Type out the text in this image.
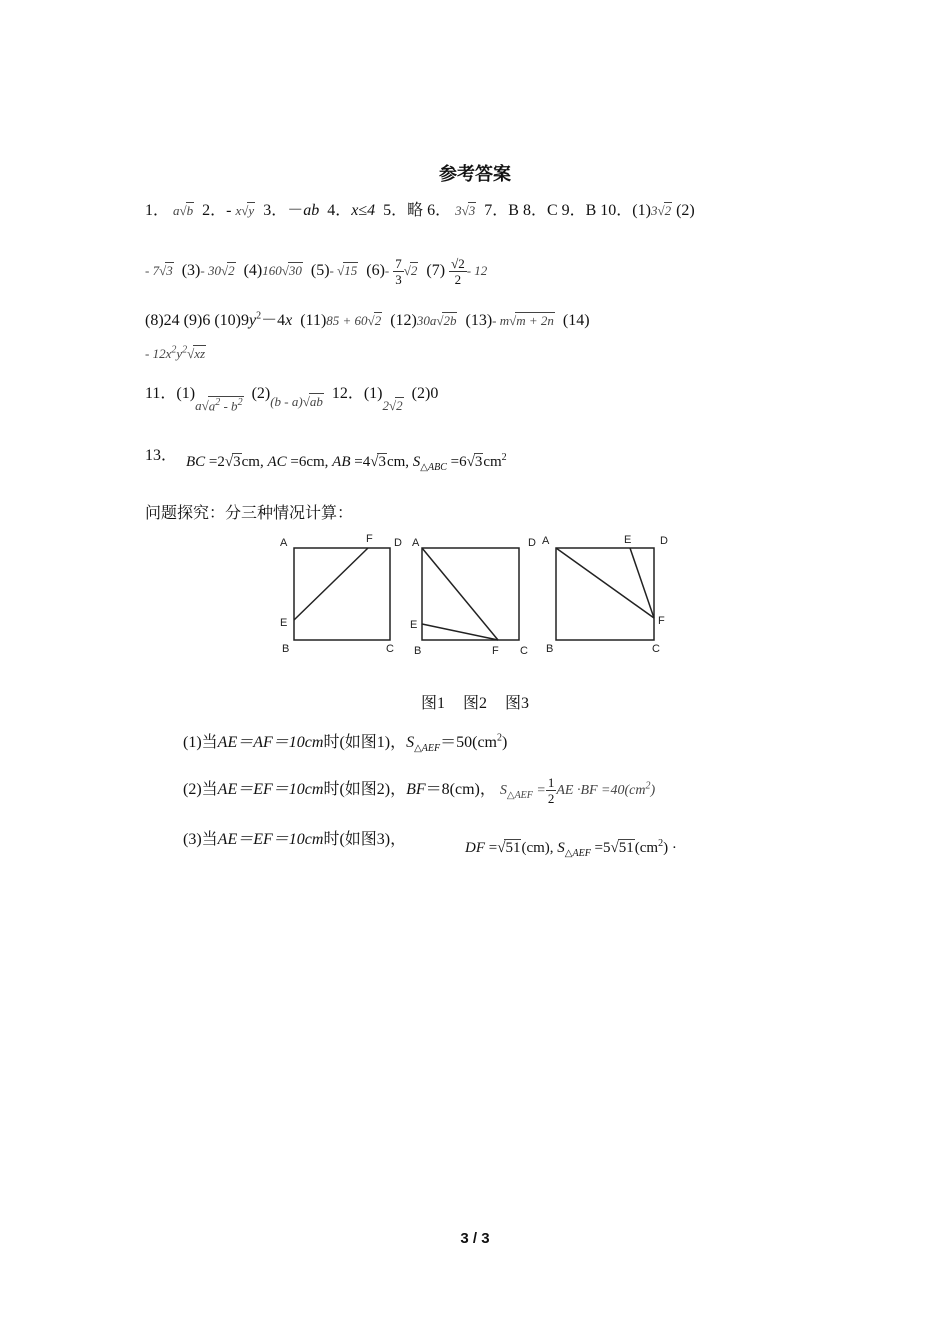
参考答案
1． a√b 2．- x√y 3．－ab 4．x≤4 5．略 6． 3√3 7．B 8．C 9．B 10．(1)3√2 (2)
- 7√3 (3)- 30√2 (4)160√30 (5)- √15 $(6)- \frac{7}{3} √2$ $(7) \frac{√2}{2} - 12$
(8)24 (9)6 $(10)9y^2-4x$ (11)85 + 60√2 (12)30a√2b (13)- m√m + 2n (14)
- $12x^2y^2√xz$
11．$(1)_{a√a^2 - b^2}$  $(2)_{(b - a)√ab}$ 12．$(1)_{2√2}$  (2)0
13． BC =2√3cm, AC =6cm, AB =4√3cm, $S_{\triangle ABC} =6√3cm^2$
问题探究：分三种情况计算：
A	F D
E
B	C
A	D
E
B	F C
A	E	D
F
B	C
图1 图2 图3
(1)当AE＝AF＝10cm时(如图1)，$S_{\triangle AEF}=50(cm^2)$
(2)当AE＝EF＝10cm时(如图2)，BF＝8(cm)， $S_{\triangle AEF} = \frac{1}{2}$ AE $\cdot BF =40(cm^2)$
(3)当AE＝EF＝10cm时(如图3)，	DF =√51(cm), $S_{\triangle AEF} =5√51(cm^2)$ ·
3 / 3
